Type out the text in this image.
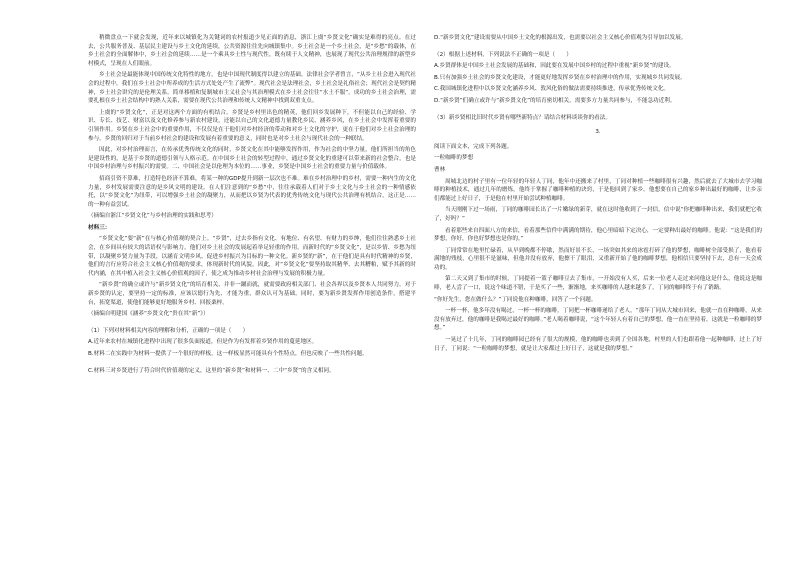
稍微盘点一下就会发现，近年来以城镇化为关键词的农村报道少见正面的消息，浙江上虞“乡贤文化”确实是难得的亮点。在过去，公共服务普及、基层民主建设与乡土文化的延续，公共资源往往先向城镇集中。乡土社会是一个乡土社会，是“乡愁”的载体，在乡土社会的全面解体中，乡土社会的延续……是一个乘具乡土性与现代性，既有续于人文精神，也展现了现代公共治理规律的新型乡村模式，呈现在人们眼前。

乡土社会是最能体现中国传统文化特性的地方，也是中国现代制度得以建立的基础。法律社会学者曾言，“从乡土社会进入现代社会的过程中，我们在乡土社会中所养成的生活方式处处产生了流弊”。现代社会是法理社会，乡土社会是礼俗社会；现代社会是契约精神，乡土社会讲究的是伦理关系。简单移植和复制城市主义社会与其治理模式在乡土社会往往“水土不服”。成功的乡土社会治理，需要扎根在乡土社会结构中的熟人关系，需要在现代公共治理和传统人文精神中找到双重支点。

上虞的“乡贤文化”，正是对这两个方面的有机结合。乡贤是乡村里出色的精英，他们回乡发展种下，不但能以自己的经验、学识、专长、技艺、财富以及文化修养参与新农村建设，还能以自己的文化道德力量教化乡民、涵养乡风，在乡土社会中发挥着重要的引领作用。乡贤在乡土社会中的重要作用，不仅仅是在于他们对乡村经济的带动和对乡土文化的守护，更在于他们对乡土社会治理的参与。乡贤的回归对于当前乡村社会的建设和发展有着重要的意义，同时也是对乡土社会与现代社会的一种联结。

因此，对乡村治理而言，在传承优秀传统文化的同时，乡贤文化在其中能够发挥作用，作为社会的中坚力量，他们所担当的角色是建设性的，是基于乡贤的道德引领与人格示范。在中国乡土社会的转型过程中，通过乡贤文化的重建可以带来新的社会整合，也是中国乡村治理与乡村振兴的需要。二、中国社会是以伦理为本位的……事业，乡贤是中国乡土社会的重要力量与价值载体。

招商引资不算难，打造特色经济不算难，将某一种的GDP提升到新一层次也不难。难在乡村治理中的乡村，需要一种内生的文化力量，乡村发展需要注意的是乡风文明的建设。在人们注意到的“乡愁”中，往往承载着人们对于乡土文化与乡土社会的一种情感依托，以“乡贤文化”为纽带，可以增强乡土社会的凝聚力，从而把以乡贤为代表的优秀传统文化与现代公共治理有机结合，这正是……的一种有益尝试。

（摘编自浙江“乡贤文化”与乡村治理的实践和思考）

材料三：

“乡贤文化”要“新”在与核心价值观的契合上。“乡贤”，过去乡指有文化、有地位、有名望、有财力的乡绅，他们往往熟悉乡土社会，在乡间具有较大的话语权与影响力，他们对乡土社会的发展起着举足轻重的作用。而新时代的“乡贤文化”，是以乡情、乡愁为纽带，以凝聚乡贤力量为手段，以涵育文明乡风、促进乡村振兴为目标的一种文化。新乡贤的“新”，在于他们是具有时代精神的乡贤，他们的言行应符合社会主义核心价值观的要求，体现新时代的风貌。因此，对“乡贤文化”要坚持取其精华、去其糟粕，赋予其新的时代内涵，在其中植入社会主义核心价值观的因子，使之成为推动乡村社会治理与发展的积极力量。

“新乡贤”的确立或许与“新乡贤文化”的培育相关，并非一蹴而就，就需要政府相关部门、社会各界以及乡贤本人共同努力。对于新乡贤的认定，要坚持一定的标准，应该以德行为先、才能为重，群众认可为基础。同时，要为新乡贤发挥作用创造条件，搭建平台，拓宽渠道，使他们能够更好地服务乡村、回报桑梓。

（摘编自明建国《涵养“乡贤文化”贵在其“新”》）

（1）下列对材料相关内容的理解和分析，正确的一项是（　　）

A.近年来农村在城镇化进程中出现了很多负面报道，但是作为有发挥着乡贤作用的蔓延地区。

B.材料二在实践中为材料一提供了一个很好的样板，这一样板显然可能具有个性特点，但也反映了一些共性问题。

C.材料三对乡贤进行了符合时代价值观的定义，这里的“新乡贤”和材料一、二中“乡贤”的含义相同。

D.“新乡贤文化”建设需要从中国乡土文化的根源出发，也需要以社会主义核心价值观为引导加以发展。

（2）根据上述材料，下列说法不正确的一项是（　　）

A.乡贤群体是中国乡土社会发展的基础和，因此要在发展中国乡村的过程中重视“新乡贤”的建设。

B.只有加强乡土社会的乡贤文化建设，才能更好地发挥乡贤在乡村治理中的作用，实现城乡共同发展。

C.我国城镇化进程中以乡贤文化涵养乡风、敦风化俗的做法需要持续推进，传承优秀传统文化。

D.“新乡贤”们确立或许与“新乡贤文化”的培育密切相关，需要多方力量共同参与，不能急功近利。

（3）新乡贤相比旧时代乡贤有哪些新特点？请结合材料谈谈你的看法。

3.

阅读下面文本，完成下列各题。

一粒咖啡的梦想

曹林

周城北边的村子里有一位年轻的年轻人丁同，他年中还搬来了村里，丁同对种植一些咖啡很有兴趣，然后就去了大城市去学习咖啡的种植技术，通过几年的磨炼，他终于掌握了咖啡种植的诀窍，于是他回到了家乡。他想要在自己的家乡种出最好的咖啡，让乡亲们都能过上好日子，于是他在村里开始尝试种植咖啡。

当天刚刚下过一场雨，丁同的咖啡园长出了一片嫩绿的新芽，就在这时他收到了一封信，信中说“你把咖啡种出来，我们就把它收了，好吗？”

看着那些来自四面八方的来信，看着那些信件中满满的期待，他心里暗暗下定决心，一定要种出最好的咖啡。他说：“这是我们的梦想，你好，你也好梦想也是你的。”

丁同常常在地里忙碌着，从早到晚都不停歇，然而好景不长，一场突如其来的冰雹打碎了他的梦想，咖啡树全部受损了，他看着满地的残枝，心里很不是滋味，但他并没有放弃，他擦干了眼泪，又重新开始了他的咖啡梦想，他相信只要坚持下去，总有一天会成功的。

第二天又到了集市的时候，丁同提着一篮子咖啡豆去了集市，一开始没有人买，后来一位老人走过来问他这是什么，他说这是咖啡，老人尝了一口，说这个味道不错，于是买了一些，渐渐地，来买咖啡的人越来越多了，丁同的咖啡终于有了销路。

“你好先生，您在做什么？”丁同说他在种咖啡，回答了一个问题。

一杯一杯，他多年没有喝过，一杯一杯的咖啡，丁同把一杯咖啡递给了老人，“那年丁同从大城市回来，他就一直在种咖啡，从来没有放弃过，他的咖啡是我喝过最好的咖啡。”老人喝着咖啡说，“这个年轻人有着自己的梦想，他一直在坚持着，这就是一粒咖啡的梦想。”

一晃过了十几年，丁同的咖啡园已经有了很大的规模，他的咖啡也卖到了全国各地，村里的人们也跟着他一起种咖啡，过上了好日子，丁同说：“一粒咖啡的梦想，就是让大家都过上好日子，这就是我的梦想。”
